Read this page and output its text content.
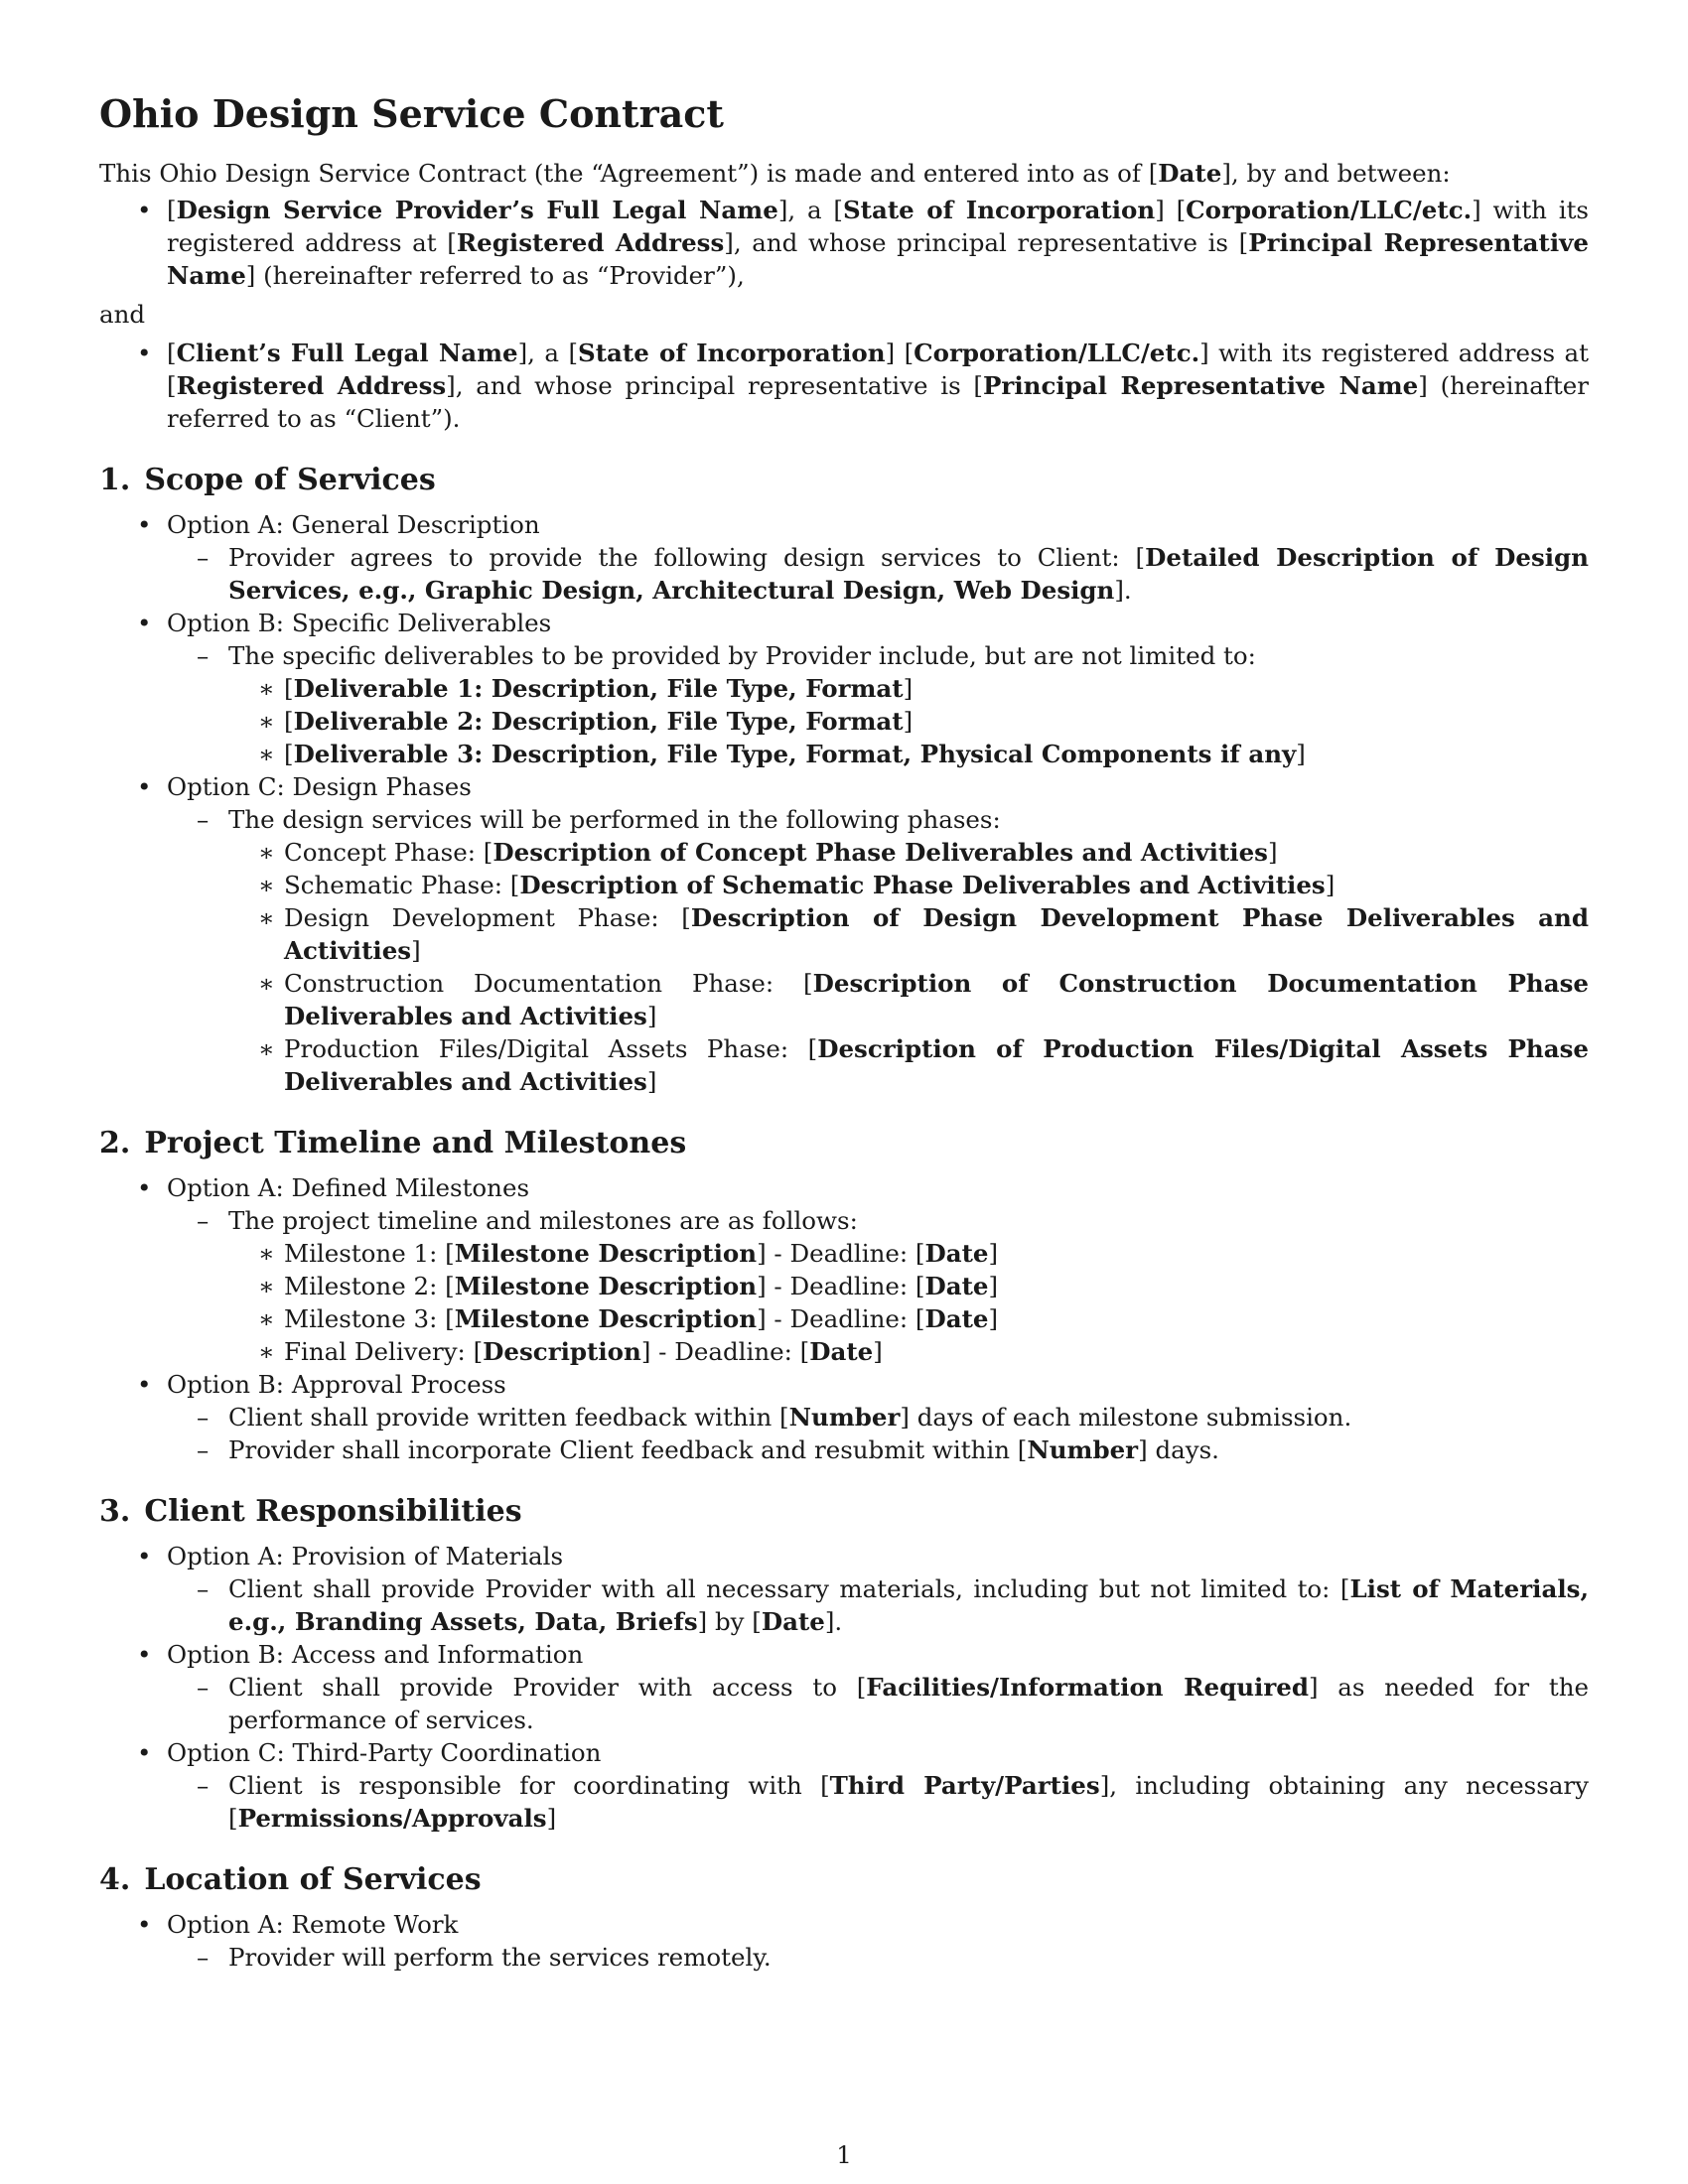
Ohio Design Service Contract

This Ohio Design Service Contract (the “Agreement”) is made and entered into as of [Date], by and between:

• [Design Service Provider’s Full Legal Name], a [State of Incorporation] [Corporation/LLC/etc.] with its registered address at [Registered Address], and whose principal representative is [Principal Representative Name] (hereinafter referred to as “Provider”),

and

• [Client’s Full Legal Name], a [State of Incorporation] [Corporation/LLC/etc.] with its registered address at [Registered Address], and whose principal representative is [Principal Representative Name] (hereinafter referred to as “Client”).
1. Scope of Services
• Option A: General Description
– Provider agrees to provide the following design services to Client: [Detailed Description of Design Services, e.g., Graphic Design, Architectural Design, Web Design].
• Option B: Specific Deliverables
– The specific deliverables to be provided by Provider include, but are not limited to:
∗ [Deliverable 1: Description, File Type, Format]
∗ [Deliverable 2: Description, File Type, Format]
∗ [Deliverable 3: Description, File Type, Format, Physical Components if any]
• Option C: Design Phases
– The design services will be performed in the following phases:
∗ Concept Phase: [Description of Concept Phase Deliverables and Activities]
∗ Schematic Phase: [Description of Schematic Phase Deliverables and Activities]
∗ Design Development Phase: [Description of Design Development Phase Deliverables and Activities]
∗ Construction Documentation Phase: [Description of Construction Documentation Phase Deliverables and Activities]
∗ Production Files/Digital Assets Phase: [Description of Production Files/Digital Assets Phase Deliverables and Activities]
2. Project Timeline and Milestones
• Option A: Defined Milestones
– The project timeline and milestones are as follows:
∗ Milestone 1: [Milestone Description] - Deadline: [Date]
∗ Milestone 2: [Milestone Description] - Deadline: [Date]
∗ Milestone 3: [Milestone Description] - Deadline: [Date]
∗ Final Delivery: [Description] - Deadline: [Date]
• Option B: Approval Process
– Client shall provide written feedback within [Number] days of each milestone submission.
– Provider shall incorporate Client feedback and resubmit within [Number] days.
3. Client Responsibilities
• Option A: Provision of Materials
– Client shall provide Provider with all necessary materials, including but not limited to: [List of Materials, e.g., Branding Assets, Data, Briefs] by [Date].
• Option B: Access and Information
– Client shall provide Provider with access to [Facilities/Information Required] as needed for the performance of services.
• Option C: Third-Party Coordination
– Client is responsible for coordinating with [Third Party/Parties], including obtaining any necessary [Permissions/Approvals]
4. Location of Services
• Option A: Remote Work
– Provider will perform the services remotely.
1
